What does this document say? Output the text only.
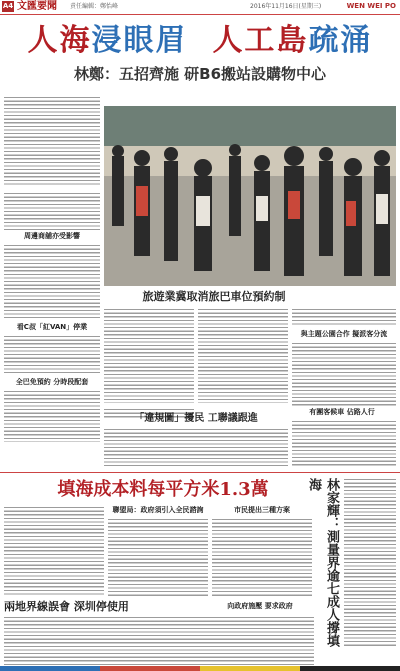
A4 文匯要聞 責任編輯：鄭怡峰	2016年11月16日(星期三)	WEN WEI PO
人海浸眼眉 人工島疏涌
林鄭：五招齊施 研B6搬站設購物中心
周邊商舖亦受影響
看C叔「紅VAN」停業
全巴免預約 分時段配套
旅遊業冀取消旅巴車位預約制
「違規圖」擾民 工聯議跟進
有團客候車 佔路人行
與主題公園合作 擬派客分流
填海成本料每平方米1.3萬
聯盟局：政府須引入全民諮詢	市民提出三種方案	林家輝：測量界逾七成人撐填海
兩地界線誤會 深圳停使用	向政府施壓 要求政府
